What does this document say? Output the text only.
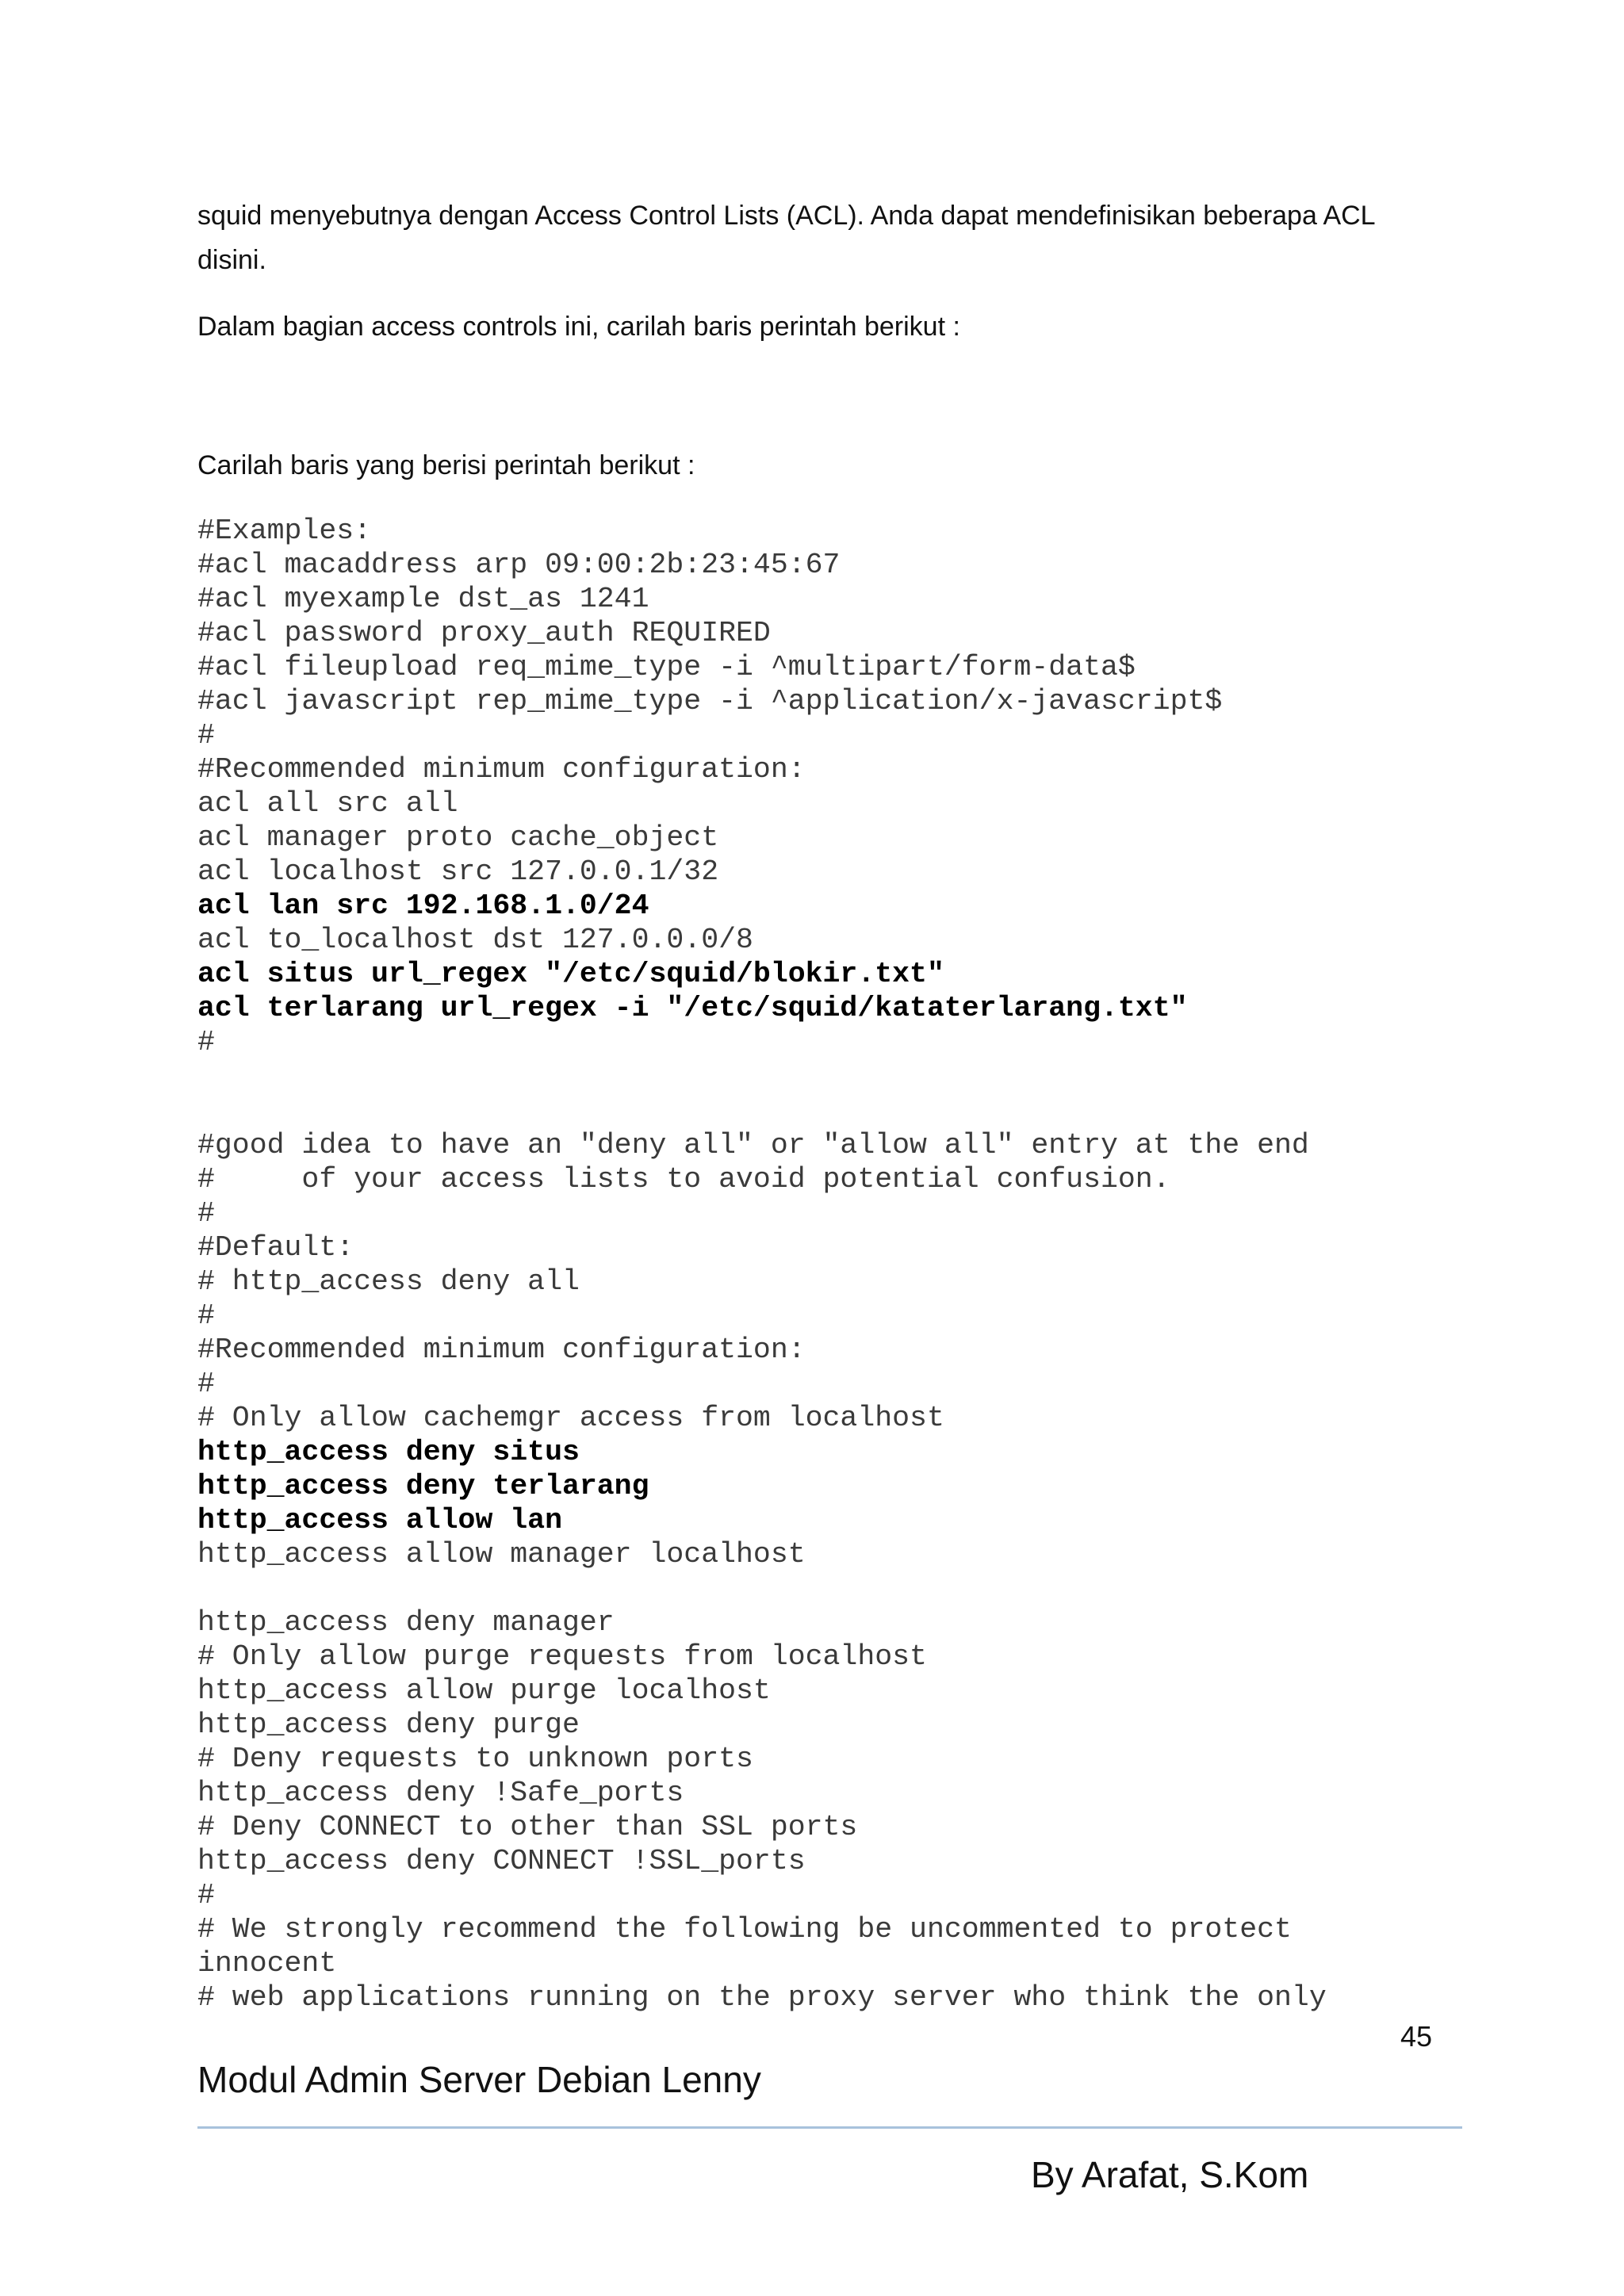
squid menyebutnya dengan Access Control Lists (ACL). Anda dapat mendefinisikan beberapa ACL disini.

Dalam bagian access controls ini, carilah baris perintah berikut :

Carilah baris yang berisi perintah berikut :

#Examples:
#acl macaddress arp 09:00:2b:23:45:67
#acl myexample dst_as 1241
#acl password proxy_auth REQUIRED
#acl fileupload req_mime_type -i ^multipart/form-data$
#acl javascript rep_mime_type -i ^application/x-javascript$
#
#Recommended minimum configuration:
acl all src all
acl manager proto cache_object
acl localhost src 127.0.0.1/32
acl lan src 192.168.1.0/24
acl to_localhost dst 127.0.0.0/8
acl situs url_regex "/etc/squid/blokir.txt"
acl terlarang url_regex -i "/etc/squid/kataterlarang.txt"
#
#good idea to have an "deny all" or "allow all" entry at the end
#     of your access lists to avoid potential confusion.
#
#Default:
# http_access deny all
#
#Recommended minimum configuration:
#
# Only allow cachemgr access from localhost
http_access deny situs
http_access deny terlarang
http_access allow lan
http_access allow manager localhost
http_access deny manager
# Only allow purge requests from localhost
http_access allow purge localhost
http_access deny purge
# Deny requests to unknown ports
http_access deny !Safe_ports
# Deny CONNECT to other than SSL ports
http_access deny CONNECT !SSL_ports
#
# We strongly recommend the following be uncommented to protect
innocent
# web applications running on the proxy server who think the only
45
Modul Admin Server Debian Lenny
By Arafat, S.Kom
